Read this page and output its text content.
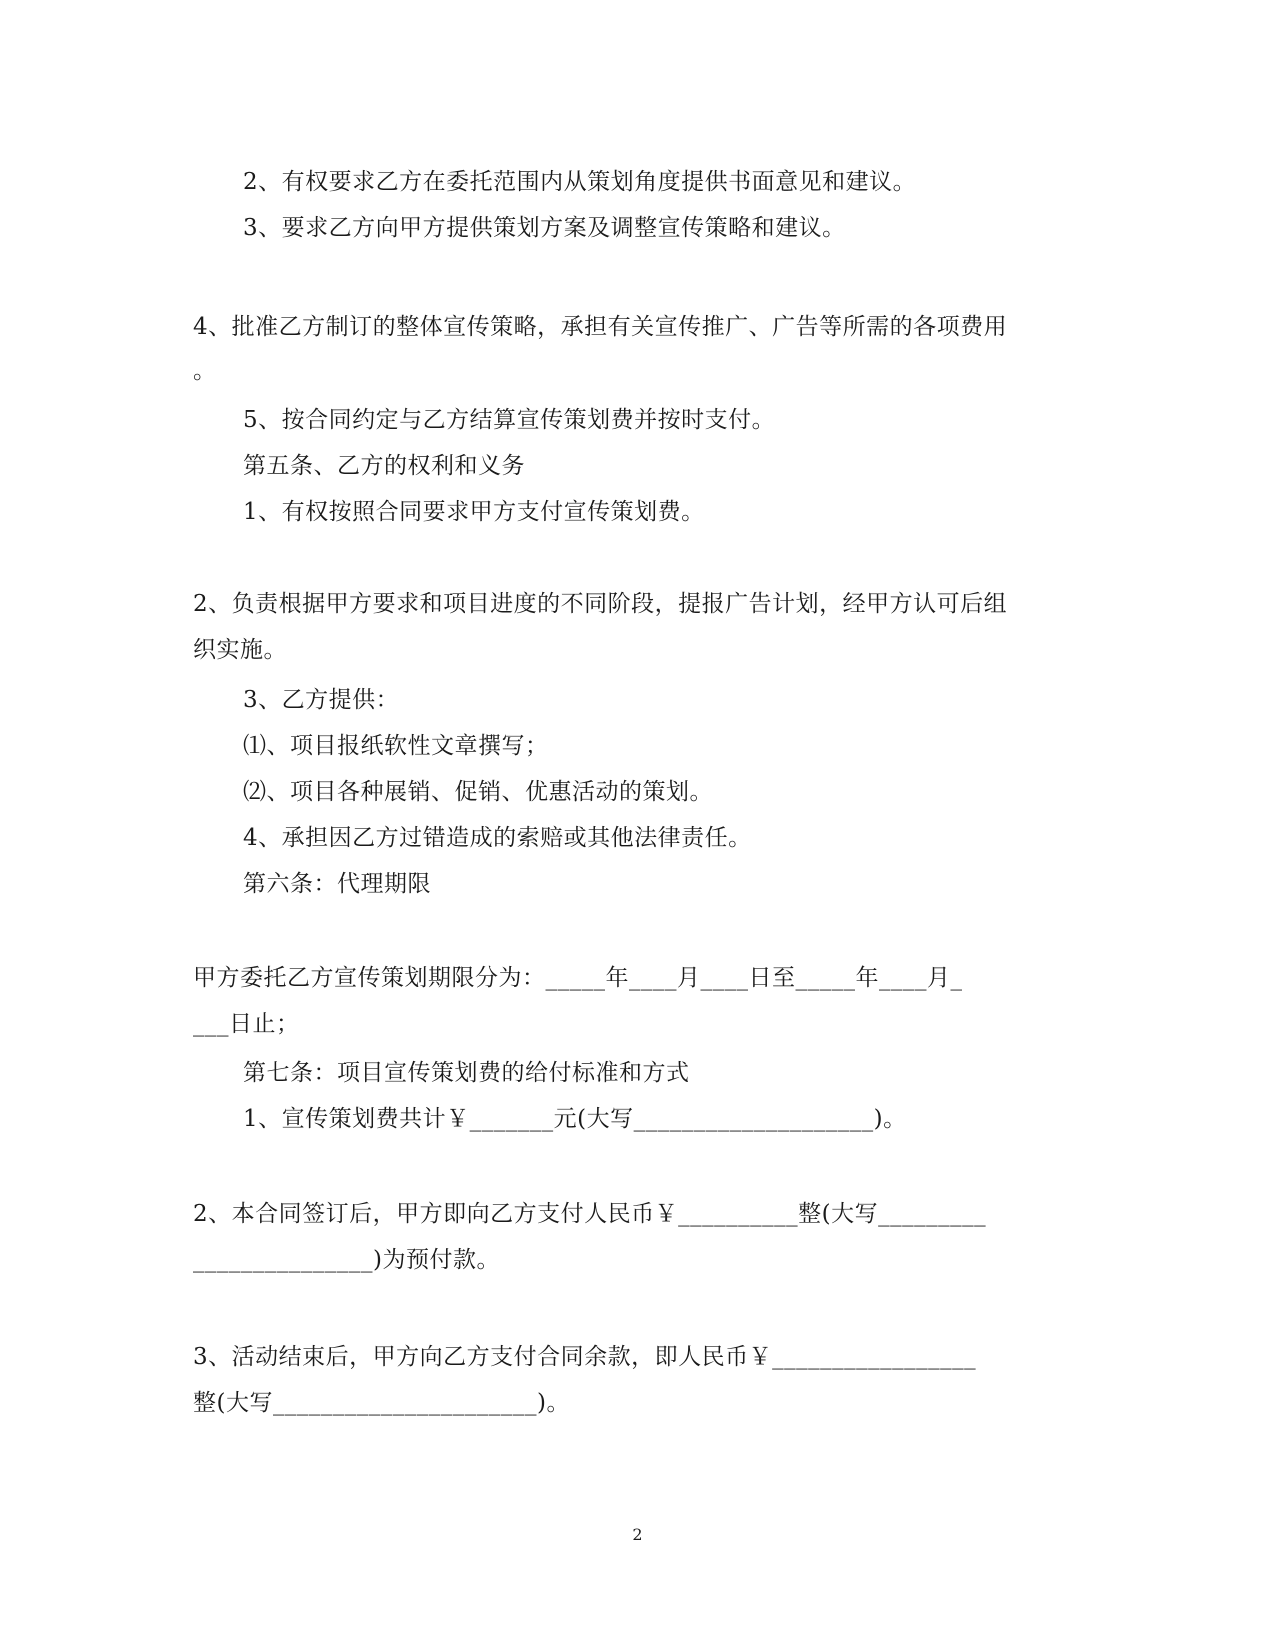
2、有权要求乙方在委托范围内从策划角度提供书面意见和建议。
3、要求乙方向甲方提供策划方案及调整宣传策略和建议。
4、批准乙方制订的整体宣传策略，承担有关宣传推广、广告等所需的各项费用
。
5、按合同约定与乙方结算宣传策划费并按时支付。
第五条、乙方的权利和义务
1、有权按照合同要求甲方支付宣传策划费。
2、负责根据甲方要求和项目进度的不同阶段，提报广告计划，经甲方认可后组
织实施。
3、乙方提供：
⑴、项目报纸软性文章撰写；
⑵、项目各种展销、促销、优惠活动的策划。
4、承担因乙方过错造成的索赔或其他法律责任。
第六条：代理期限
甲方委托乙方宣传策划期限分为：_____年____月____日至_____年____月_
___日止；
第七条：项目宣传策划费的给付标准和方式
1、宣传策划费共计￥_______元(大写____________________)。
2、本合同签订后，甲方即向乙方支付人民币￥__________整(大写_________
_______________)为预付款。
3、活动结束后，甲方向乙方支付合同余款，即人民币￥_________________
整(大写______________________)。
2
